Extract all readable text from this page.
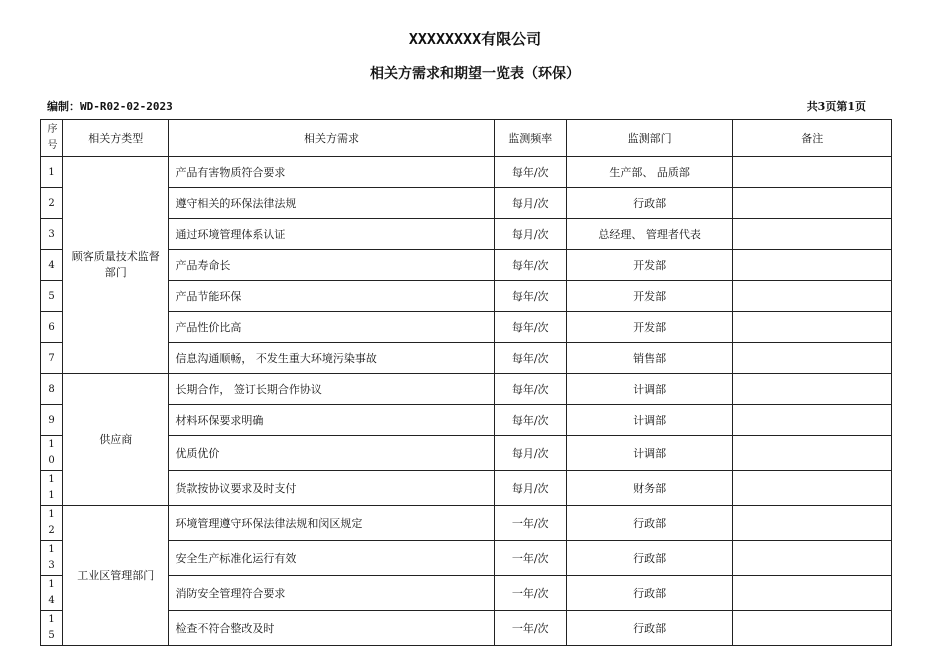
XXXXXXXX有限公司
相关方需求和期望一览表（环保）
编制：WD-R02-02-2023	共3页第1页
序号	相关方类型	相关方需求	监测频率	监测部门	备注
1	顾客质量技术监督部门	产品有害物质符合要求	每年/次	生产部、 品质部	
2		遵守相关的环保法律法规	每月/次	行政部	
3		通过环境管理体系认证	每月/次	总经理、 管理者代表	
4		产品寿命长	每年/次	开发部	
5		产品节能环保	每年/次	开发部	
6		产品性价比高	每年/次	开发部	
7		信息沟通顺畅， 不发生重大环境污染事故	每年/次	销售部	
8	供应商	长期合作， 签订长期合作协议	每年/次	计调部	
9		材料环保要求明确	每年/次	计调部	
10		优质优价	每月/次	计调部	
11		货款按协议要求及时支付	每月/次	财务部	
12	工业区管理部门	环境管理遵守环保法律法规和闵区规定	一年/次	行政部	
13		安全生产标准化运行有效	一年/次	行政部	
14		消防安全管理符合要求	一年/次	行政部	
15		检查不符合整改及时	一年/次	行政部	
